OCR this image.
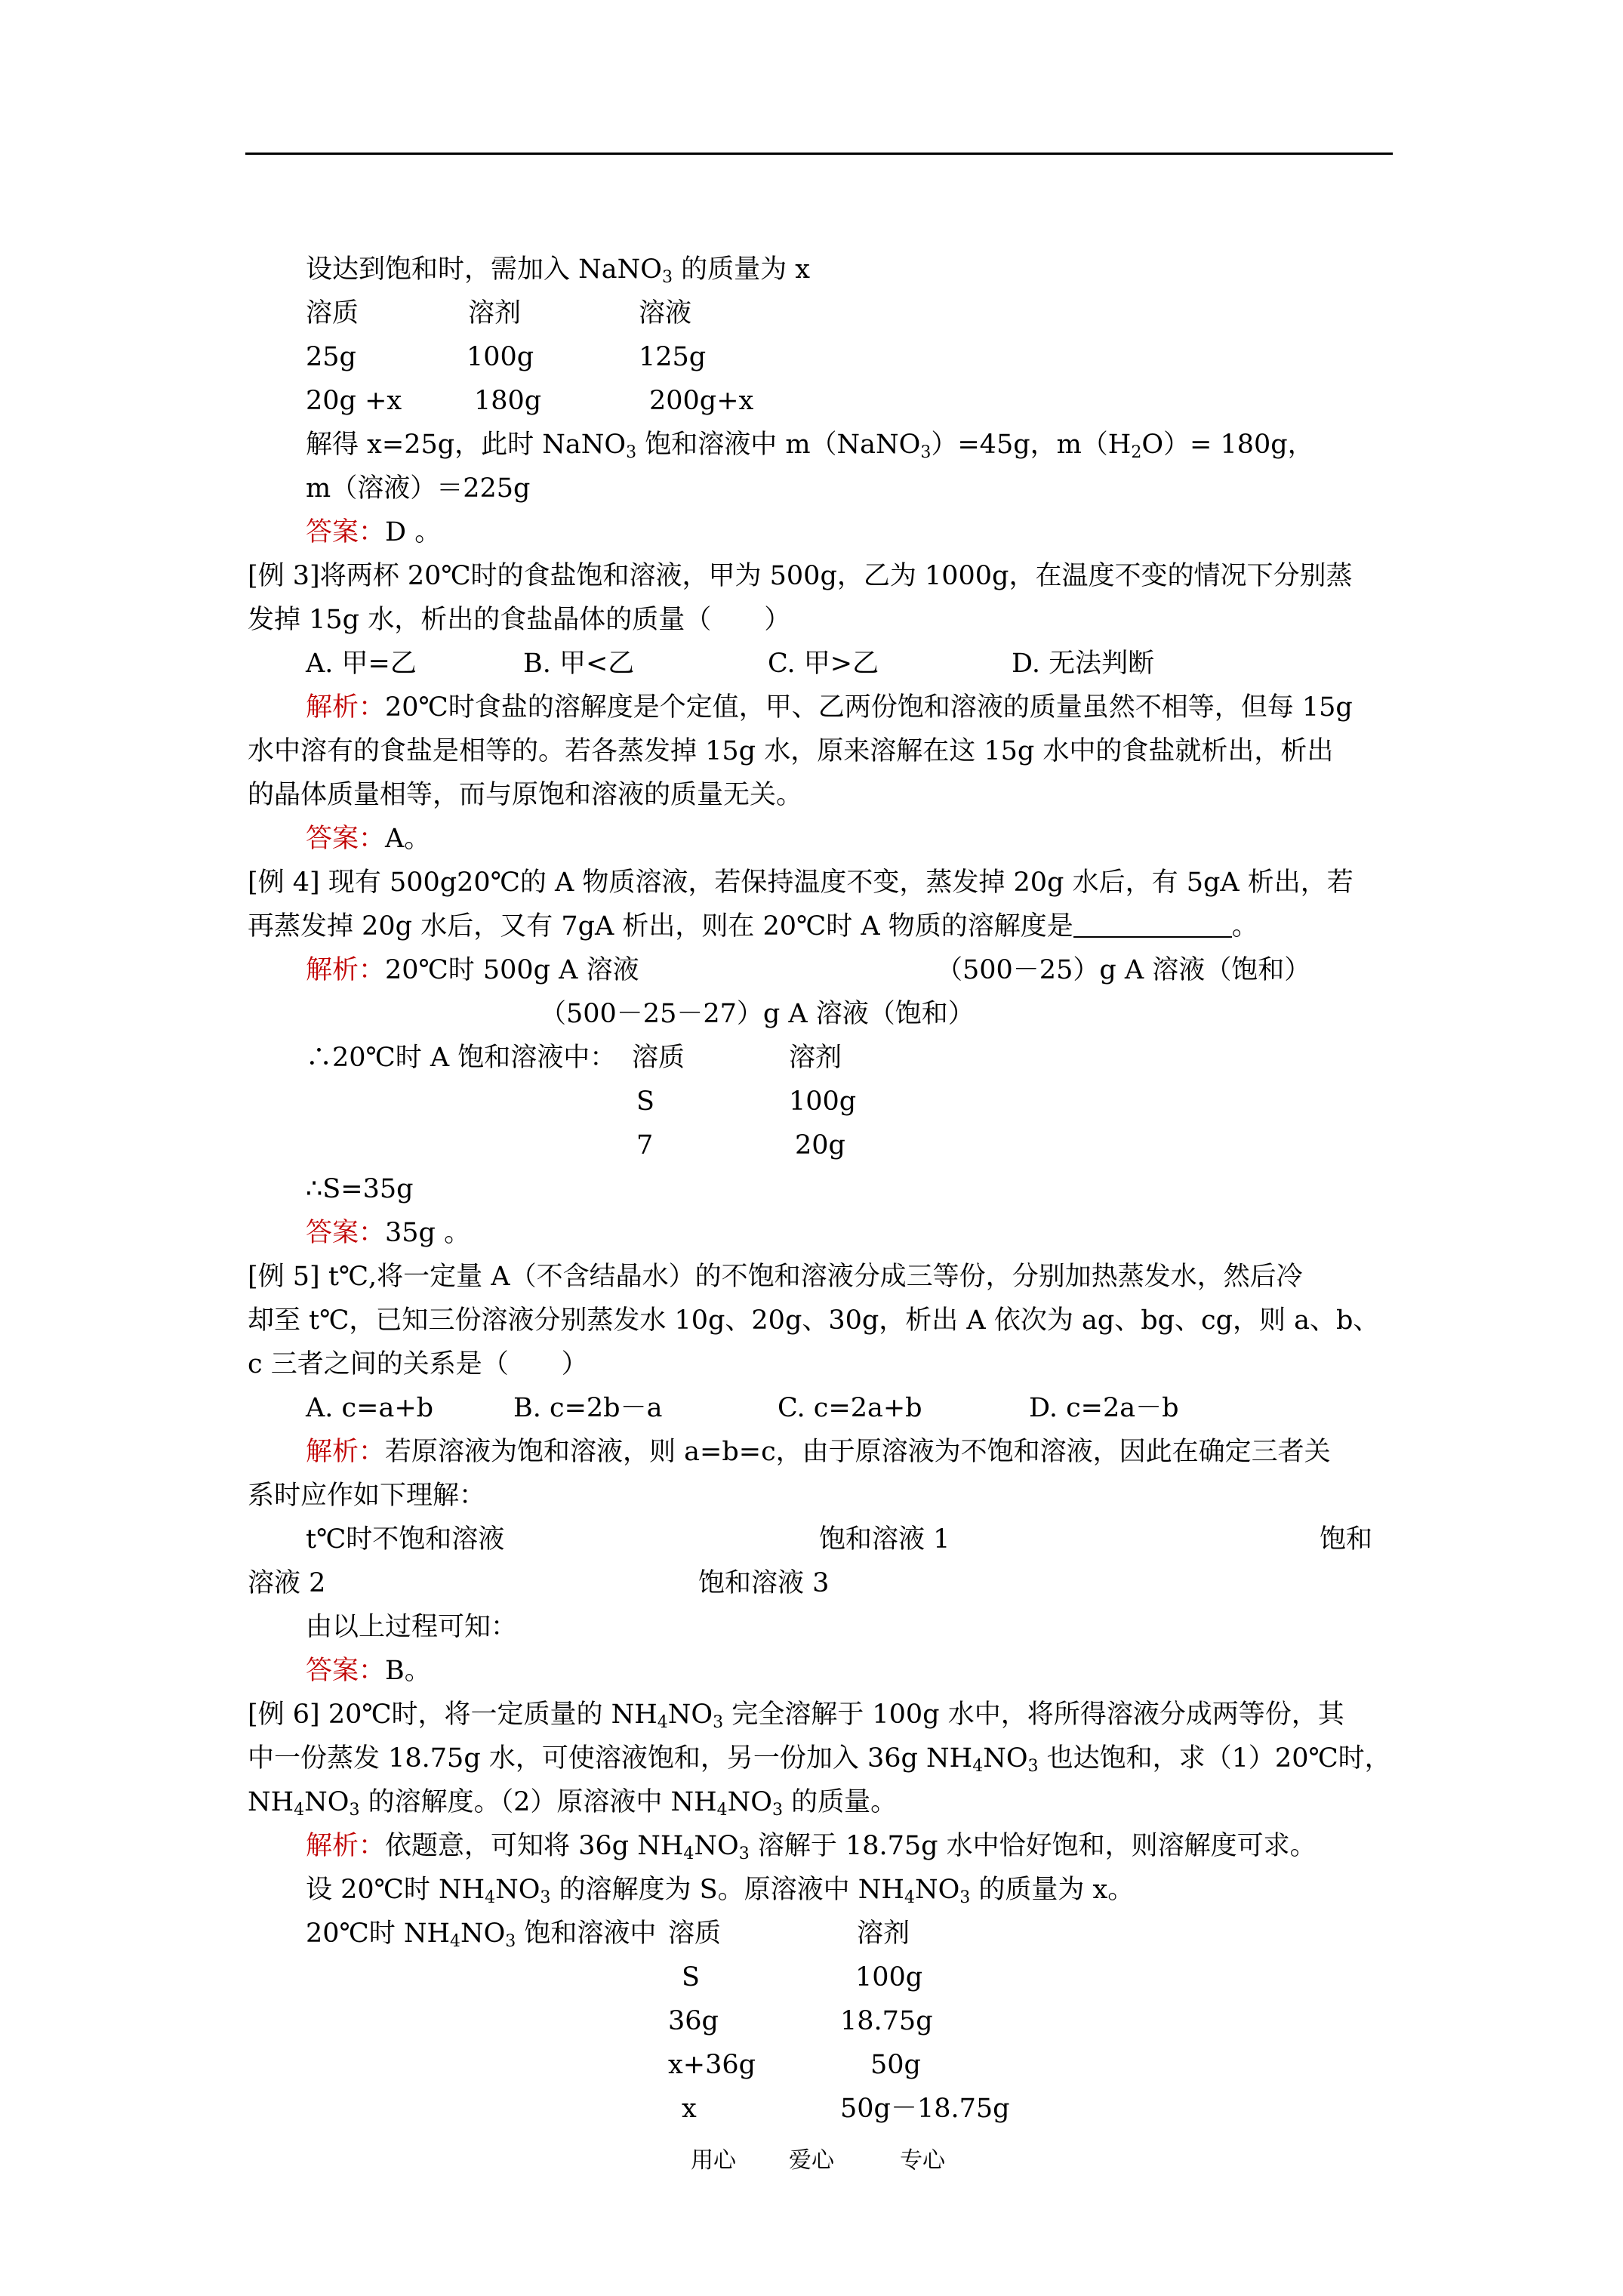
设达到饱和时，需加入 NaNO$_3$ 的质量为 x
溶质	溶剂	溶液
25g	100g	125g
20g +x	180g	200g+x
解得 x=25g，此时 NaNO$_3$ 饱和溶液中 m（NaNO$_3$）=45g，$m(H_2O)= 180g$，
m（溶液）＝225g
答案：D 。
[例 3]将两杯 20℃时的食盐饱和溶液，甲为 500g，乙为 1000g，在温度不变的情况下分别蒸
发掉 15g 水，析出的食盐晶体的质量（　　）
A. 甲=乙	B. 甲<乙	C. 甲>乙	D. 无法判断
解析：20℃时食盐的溶解度是个定值，甲、乙两份饱和溶液的质量虽然不相等，但每 15g
水中溶有的食盐是相等的。若各蒸发掉 15g 水，原来溶解在这 15g 水中的食盐就析出，析出
的晶体质量相等，而与原饱和溶液的质量无关。
答案：A。
[例 4] 现有 500g20℃的 A 物质溶液，若保持温度不变，蒸发掉 20g 水后，有 5gA 析出，若
再蒸发掉 20g 水后，又有 7gA 析出，则在 20℃时 A 物质的溶解度是	。
解析：20℃时 500g A 溶液	（500－25）g A 溶液（饱和）
（500－25－27）g A 溶液（饱和）
∴20℃时 A 饱和溶液中： 溶质	溶剂
S	100g
7	20g
∴S=35g
答案：35g 。
[例 5] t℃,将一定量 A（不含结晶水）的不饱和溶液分成三等份，分别加热蒸发水，然后冷
却至 t℃，已知三份溶液分别蒸发水 10g、20g、30g，析出 A 依次为 ag、bg、cg，则 a、b、
c 三者之间的关系是（　　）
A. c=a+b	B. c=2b－a	C. c=2a+b	D. c=2a－b
解析：若原溶液为饱和溶液，则 a=b=c，由于原溶液为不饱和溶液，因此在确定三者关
系时应作如下理解：
t℃时不饱和溶液	饱和溶液 1	饱和
溶液 2	饱和溶液 3
由以上过程可知：
答案：B。
[例 6] 20℃时，将一定质量的 $NH_4NO_3$ 完全溶解于 100g 水中，将所得溶液分成两等份，其
中一份蒸发 18.75g 水，可使溶液饱和，另一份加入 36g $NH_4NO_3$ 也达饱和，求（1）20℃时，
$NH_4NO_3$ 的溶解度。（2）原溶液中 $NH_4NO_3$ 的质量。
解析：依题意，可知将 36g $NH_4NO_3$ 溶解于 18.75g 水中恰好饱和，则溶解度可求。
设 20℃时 $NH_4NO_3$ 的溶解度为 S。原溶液中 $NH_4NO_3$ 的质量为 x。
20℃时 $NH_4NO_3$ 饱和溶液中 溶质	溶剂
S	100g
36g	18.75g
x+36g	50g
x	50g－18.75g
用心 爱心	专心
